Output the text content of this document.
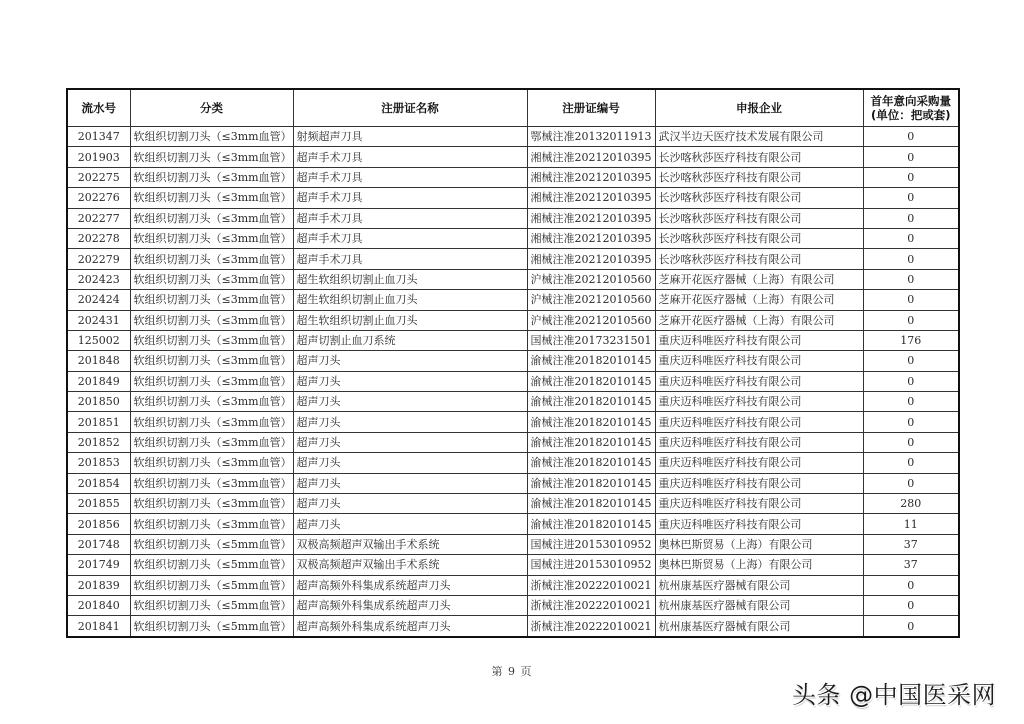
流水号	分类	注册证名称	注册证编号	申报企业	首年意向采购量
(单位：把或套)

201347	软组织切割刀头（≤3mm血管）	射频超声刀具	鄂械注准20132011913	武汉半边天医疗技术发展有限公司	0
201903	软组织切割刀头（≤3mm血管）	超声手术刀具	湘械注准20212010395	长沙喀秋莎医疗科技有限公司	0
202275	软组织切割刀头（≤3mm血管）	超声手术刀具	湘械注准20212010395	长沙喀秋莎医疗科技有限公司	0
202276	软组织切割刀头（≤3mm血管）	超声手术刀具	湘械注准20212010395	长沙喀秋莎医疗科技有限公司	0
202277	软组织切割刀头（≤3mm血管）	超声手术刀具	湘械注准20212010395	长沙喀秋莎医疗科技有限公司	0
202278	软组织切割刀头（≤3mm血管）	超声手术刀具	湘械注准20212010395	长沙喀秋莎医疗科技有限公司	0
202279	软组织切割刀头（≤3mm血管）	超声手术刀具	湘械注准20212010395	长沙喀秋莎医疗科技有限公司	0
202423	软组织切割刀头（≤3mm血管）	超生软组织切割止血刀头	沪械注准20212010560	芝麻开花医疗器械（上海）有限公司	0
202424	软组织切割刀头（≤3mm血管）	超生软组织切割止血刀头	沪械注准20212010560	芝麻开花医疗器械（上海）有限公司	0
202431	软组织切割刀头（≤3mm血管）	超生软组织切割止血刀头	沪械注准20212010560	芝麻开花医疗器械（上海）有限公司	0
125002	软组织切割刀头（≤3mm血管）	超声切割止血刀系统	国械注准20173231501	重庆迈科唯医疗科技有限公司	176
201848	软组织切割刀头（≤3mm血管）	超声刀头	渝械注准20182010145	重庆迈科唯医疗科技有限公司	0
201849	软组织切割刀头（≤3mm血管）	超声刀头	渝械注准20182010145	重庆迈科唯医疗科技有限公司	0
201850	软组织切割刀头（≤3mm血管）	超声刀头	渝械注准20182010145	重庆迈科唯医疗科技有限公司	0
201851	软组织切割刀头（≤3mm血管）	超声刀头	渝械注准20182010145	重庆迈科唯医疗科技有限公司	0
201852	软组织切割刀头（≤3mm血管）	超声刀头	渝械注准20182010145	重庆迈科唯医疗科技有限公司	0
201853	软组织切割刀头（≤3mm血管）	超声刀头	渝械注准20182010145	重庆迈科唯医疗科技有限公司	0
201854	软组织切割刀头（≤3mm血管）	超声刀头	渝械注准20182010145	重庆迈科唯医疗科技有限公司	0
201855	软组织切割刀头（≤3mm血管）	超声刀头	渝械注准20182010145	重庆迈科唯医疗科技有限公司	280
201856	软组织切割刀头（≤3mm血管）	超声刀头	渝械注准20182010145	重庆迈科唯医疗科技有限公司	11
201748	软组织切割刀头（≤5mm血管）	双极高频超声双输出手术系统	国械注进20153010952	奥林巴斯贸易（上海）有限公司	37
201749	软组织切割刀头（≤5mm血管）	双极高频超声双输出手术系统	国械注进20153010952	奥林巴斯贸易（上海）有限公司	37
201839	软组织切割刀头（≤5mm血管）	超声高频外科集成系统超声刀头	浙械注准20222010021	杭州康基医疗器械有限公司	0
201840	软组织切割刀头（≤5mm血管）	超声高频外科集成系统超声刀头	浙械注准20222010021	杭州康基医疗器械有限公司	0
201841	软组织切割刀头（≤5mm血管）	超声高频外科集成系统超声刀头	浙械注准20222010021	杭州康基医疗器械有限公司	0
第 9 页
头条 @中国医采网
